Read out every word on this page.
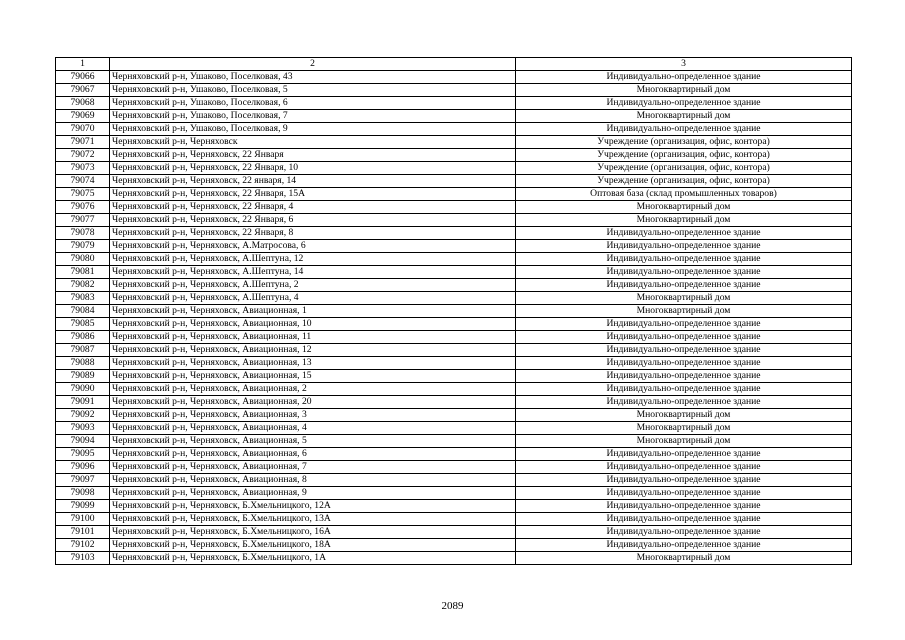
1	2	3
79066	Черняховский р-н, Ушаково, Поселковая, 43	Индивидуально-определенное здание
79067	Черняховский р-н, Ушаково, Поселковая, 5	Многоквартирный дом
79068	Черняховский р-н, Ушаково, Поселковая, 6	Индивидуально-определенное здание
79069	Черняховский р-н, Ушаково, Поселковая, 7	Многоквартирный дом
79070	Черняховский р-н, Ушаково, Поселковая, 9	Индивидуально-определенное здание
79071	Черняховский р-н, Черняховск	Учреждение (организация, офис, контора)
79072	Черняховский р-н, Черняховск, 22 Января	Учреждение (организация, офис, контора)
79073	Черняховский р-н, Черняховск, 22 Января, 10	Учреждение (организация, офис, контора)
79074	Черняховский р-н, Черняховск, 22 января, 14	Учреждение (организация, офис, контора)
79075	Черняховский р-н, Черняховск, 22 Января, 15А	Оптовая база (склад промышленных товаров)
79076	Черняховский р-н, Черняховск, 22 Января, 4	Многоквартирный дом
79077	Черняховский р-н, Черняховск, 22 Января, 6	Многоквартирный дом
79078	Черняховский р-н, Черняховск, 22 Января, 8	Индивидуально-определенное здание
79079	Черняховский р-н, Черняховск, А.Матросова, 6	Индивидуально-определенное здание
79080	Черняховский р-н, Черняховск, А.Шептуна, 12	Индивидуально-определенное здание
79081	Черняховский р-н, Черняховск, А.Шептуна, 14	Индивидуально-определенное здание
79082	Черняховский р-н, Черняховск, А.Шептуна, 2	Индивидуально-определенное здание
79083	Черняховский р-н, Черняховск, А.Шептуна, 4	Многоквартирный дом
79084	Черняховский р-н, Черняховск, Авиационная, 1	Многоквартирный дом
79085	Черняховский р-н, Черняховск, Авиационная, 10	Индивидуально-определенное здание
79086	Черняховский р-н, Черняховск, Авиационная, 11	Индивидуально-определенное здание
79087	Черняховский р-н, Черняховск, Авиационная, 12	Индивидуально-определенное здание
79088	Черняховский р-н, Черняховск, Авиационная, 13	Индивидуально-определенное здание
79089	Черняховский р-н, Черняховск, Авиационная, 15	Индивидуально-определенное здание
79090	Черняховский р-н, Черняховск, Авиационная, 2	Индивидуально-определенное здание
79091	Черняховский р-н, Черняховск, Авиационная, 20	Индивидуально-определенное здание
79092	Черняховский р-н, Черняховск, Авиационная, 3	Многоквартирный дом
79093	Черняховский р-н, Черняховск, Авиационная, 4	Многоквартирный дом
79094	Черняховский р-н, Черняховск, Авиационная, 5	Многоквартирный дом
79095	Черняховский р-н, Черняховск, Авиационная, 6	Индивидуально-определенное здание
79096	Черняховский р-н, Черняховск, Авиационная, 7	Индивидуально-определенное здание
79097	Черняховский р-н, Черняховск, Авиационная, 8	Индивидуально-определенное здание
79098	Черняховский р-н, Черняховск, Авиационная, 9	Индивидуально-определенное здание
79099	Черняховский р-н, Черняховск, Б.Хмельницкого, 12А	Индивидуально-определенное здание
79100	Черняховский р-н, Черняховск, Б.Хмельницкого, 13А	Индивидуально-определенное здание
79101	Черняховский р-н, Черняховск, Б.Хмельницкого, 16А	Индивидуально-определенное здание
79102	Черняховский р-н, Черняховск, Б.Хмельницкого, 18А	Индивидуально-определенное здание
79103	Черняховский р-н, Черняховск, Б.Хмельницкого, 1А	Многоквартирный дом
2089
